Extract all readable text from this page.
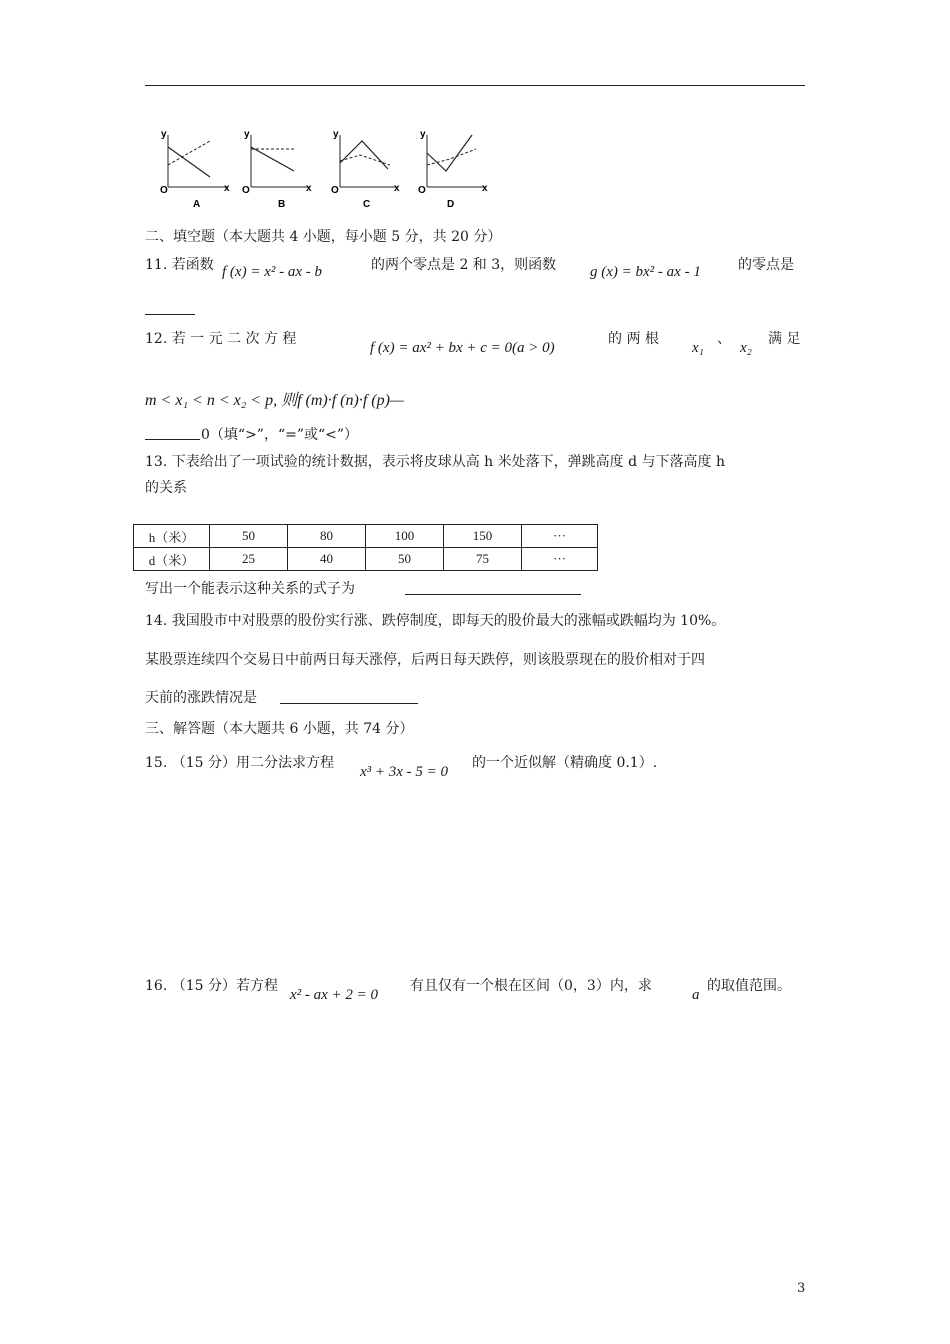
y
O	x
A
y
O	x
B
y
O	x
C
y
O	x
D
二、填空题（本大题共 4 小题，每小题 5 分，共 20 分）
11. 若函数 f (x) = x² - ax - b	的两个零点是 2 和 3，则函数 g (x) = bx² - ax - 1	的零点是
12. 若 一 元 二 次 方 程
f (x) = ax² + bx + c = 0(a > 0)
的 两 根
x₁
、
x₂
满 足
m < x₁ < n < x₂ < p, 则f (m)·f (n)·f (p)—
0（填“>”，“=”或“<”）
13. 下表给出了一项试验的统计数据，表示将皮球从高 h 米处落下，弹跳高度 d 与下落高度 h
的关系
h（米）	50	80	100	150	···
d（米）	25	40	50	75	···
写出一个能表示这种关系的式子为
14. 我国股市中对股票的股份实行涨、跌停制度，即每天的股价最大的涨幅或跌幅均为 10%。
某股票连续四个交易日中前两日每天涨停，后两日每天跌停，则该股票现在的股价相对于四
天前的涨跌情况是
三、解答题（本大题共 6 小题，共 74 分）
15. （15 分）用二分法求方程
x³ + 3x - 5 = 0
的一个近似解（精确度 0.1）.
16. （15 分）若方程
x² - ax + 2 = 0
有且仅有一个根在区间（0，3）内，求
a
的取值范围。
3
